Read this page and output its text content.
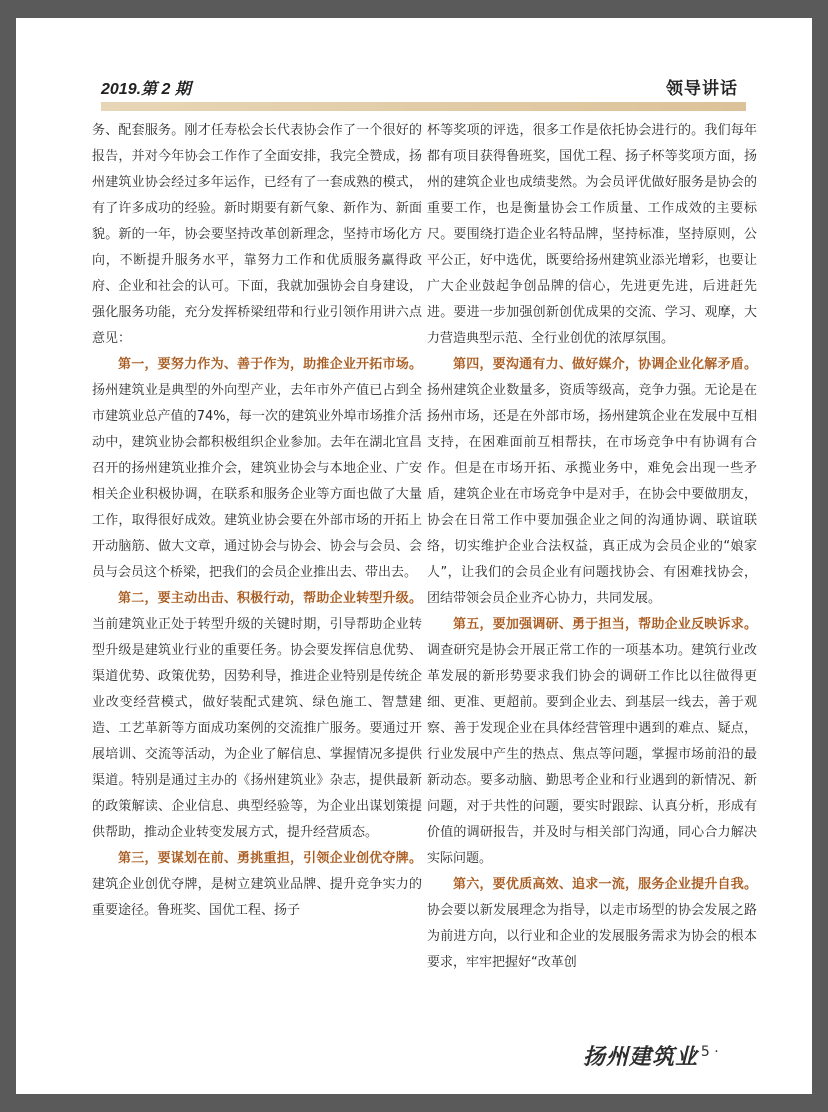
2019.第 2 期	领导讲话

务、配套服务。刚才任寿松会长代表协会作了一个很好的报告，并对今年协会工作作了全面安排，我完全赞成，扬州建筑业协会经过多年运作，已经有了一套成熟的模式，有了许多成功的经验。新时期要有新气象、新作为、新面貌。新的一年，协会要坚持改革创新理念，坚持市场化方向，不断提升服务水平，靠努力工作和优质服务赢得政府、企业和社会的认可。下面，我就加强协会自身建设，强化服务功能，充分发挥桥梁纽带和行业引领作用讲六点意见：

第一，要努力作为、善于作为，助推企业开拓市场。扬州建筑业是典型的外向型产业，去年市外产值已占到全市建筑业总产值的74%，每一次的建筑业外埠市场推介活动中，建筑业协会都积极组织企业参加。去年在湖北宜昌召开的扬州建筑业推介会，建筑业协会与本地企业、广安相关企业积极协调，在联系和服务企业等方面也做了大量工作，取得很好成效。建筑业协会要在外部市场的开拓上开动脑筋、做大文章，通过协会与协会、协会与会员、会员与会员这个桥梁，把我们的会员企业推出去、带出去。

第二，要主动出击、积极行动，帮助企业转型升级。当前建筑业正处于转型升级的关键时期，引导帮助企业转型升级是建筑业行业的重要任务。协会要发挥信息优势、渠道优势、政策优势，因势利导，推进企业特别是传统企业改变经营模式，做好装配式建筑、绿色施工、智慧建造、工艺革新等方面成功案例的交流推广服务。要通过开展培训、交流等活动，为企业了解信息、掌握情况多提供渠道。特别是通过主办的《扬州建筑业》杂志，提供最新的政策解读、企业信息、典型经验等，为企业出谋划策提供帮助，推动企业转变发展方式，提升经营质态。

第三，要谋划在前、勇挑重担，引领企业创优夺牌。建筑企业创优夺牌，是树立建筑业品牌、提升竞争实力的重要途径。鲁班奖、国优工程、扬子

杯等奖项的评选，很多工作是依托协会进行的。我们每年都有项目获得鲁班奖，国优工程、扬子杯等奖项方面，扬州的建筑企业也成绩斐然。为会员评优做好服务是协会的重要工作，也是衡量协会工作质量、工作成效的主要标尺。要围绕打造企业名特品牌，坚持标准，坚持原则，公平公正，好中选优，既要给扬州建筑业添光增彩，也要让广大企业鼓起争创品牌的信心，先进更先进，后进赶先进。要进一步加强创新创优成果的交流、学习、观摩，大力营造典型示范、全行业创优的浓厚氛围。

第四，要沟通有力、做好媒介，协调企业化解矛盾。扬州建筑企业数量多，资质等级高，竞争力强。无论是在扬州市场，还是在外部市场，扬州建筑企业在发展中互相支持，在困难面前互相帮扶，在市场竞争中有协调有合作。但是在市场开拓、承揽业务中，难免会出现一些矛盾，建筑企业在市场竞争中是对手，在协会中要做朋友，协会在日常工作中要加强企业之间的沟通协调、联谊联络，切实维护企业合法权益，真正成为会员企业的“娘家人”，让我们的会员企业有问题找协会、有困难找协会，团结带领会员企业齐心协力，共同发展。

第五，要加强调研、勇于担当，帮助企业反映诉求。调查研究是协会开展正常工作的一项基本功。建筑行业改革发展的新形势要求我们协会的调研工作比以往做得更细、更准、更超前。要到企业去、到基层一线去，善于观察、善于发现企业在具体经营管理中遇到的难点、疑点，行业发展中产生的热点、焦点等问题，掌握市场前沿的最新动态。要多动脑、勤思考企业和行业遇到的新情况、新问题，对于共性的问题，要实时跟踪、认真分析，形成有价值的调研报告，并及时与相关部门沟通，同心合力解决实际问题。

第六，要优质高效、追求一流，服务企业提升自我。协会要以新发展理念为指导，以走市场型的协会发展之路为前进方向，以行业和企业的发展服务需求为协会的根本要求，牢牢把握好“改革创

扬州建筑业
· 5 ·
